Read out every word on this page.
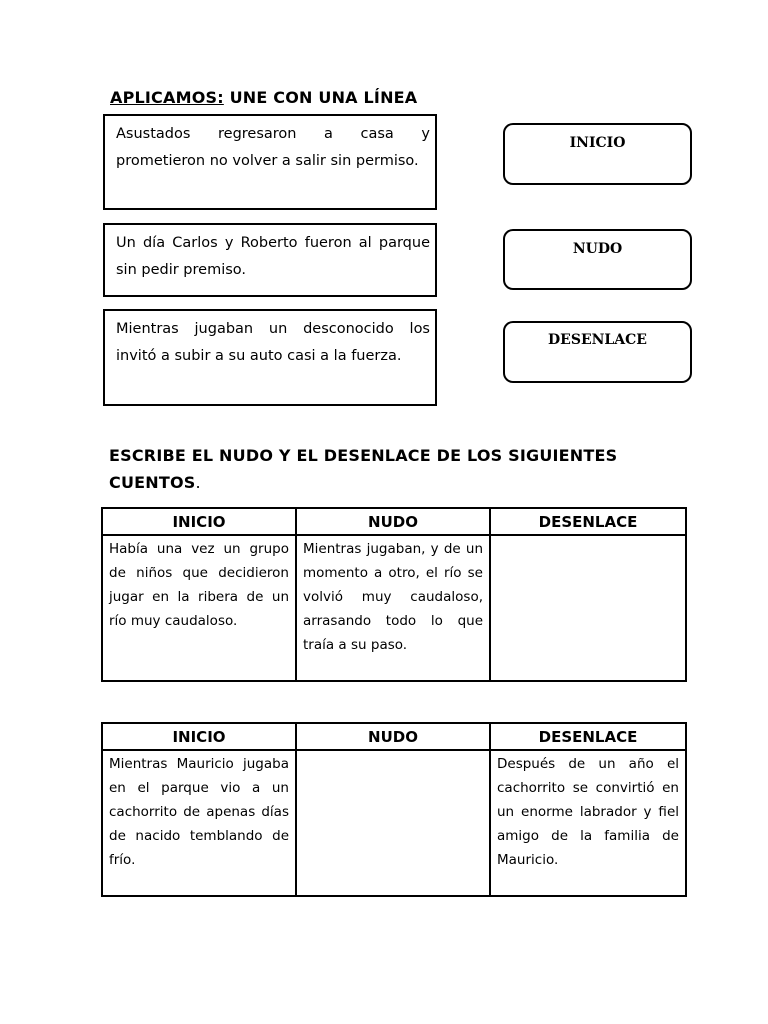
APLICAMOS: UNE CON UNA LÍNEA
Asustados regresaron a casa y prometieron no volver a salir sin permiso.
Un día Carlos y Roberto fueron al parque sin pedir premiso.
Mientras jugaban un desconocido los invitó a subir a su auto casi a la fuerza.
INICIO
NUDO
DESENLACE
ESCRIBE EL NUDO Y EL DESENLACE DE LOS SIGUIENTES CUENTOS.
INICIO	NUDO	DESENLACE
Había una vez un grupo de niños que decidieron jugar en la ribera de un río muy caudaloso.	Mientras jugaban, y de un momento a otro, el río se volvió muy caudaloso, arrasando todo lo que traía a su paso.	
INICIO	NUDO	DESENLACE
Mientras Mauricio jugaba en el parque vio a un cachorrito de apenas días de nacido temblando de frío.		Después de un año el cachorrito se convirtió en un enorme labrador y fiel amigo de la familia de Mauricio.
